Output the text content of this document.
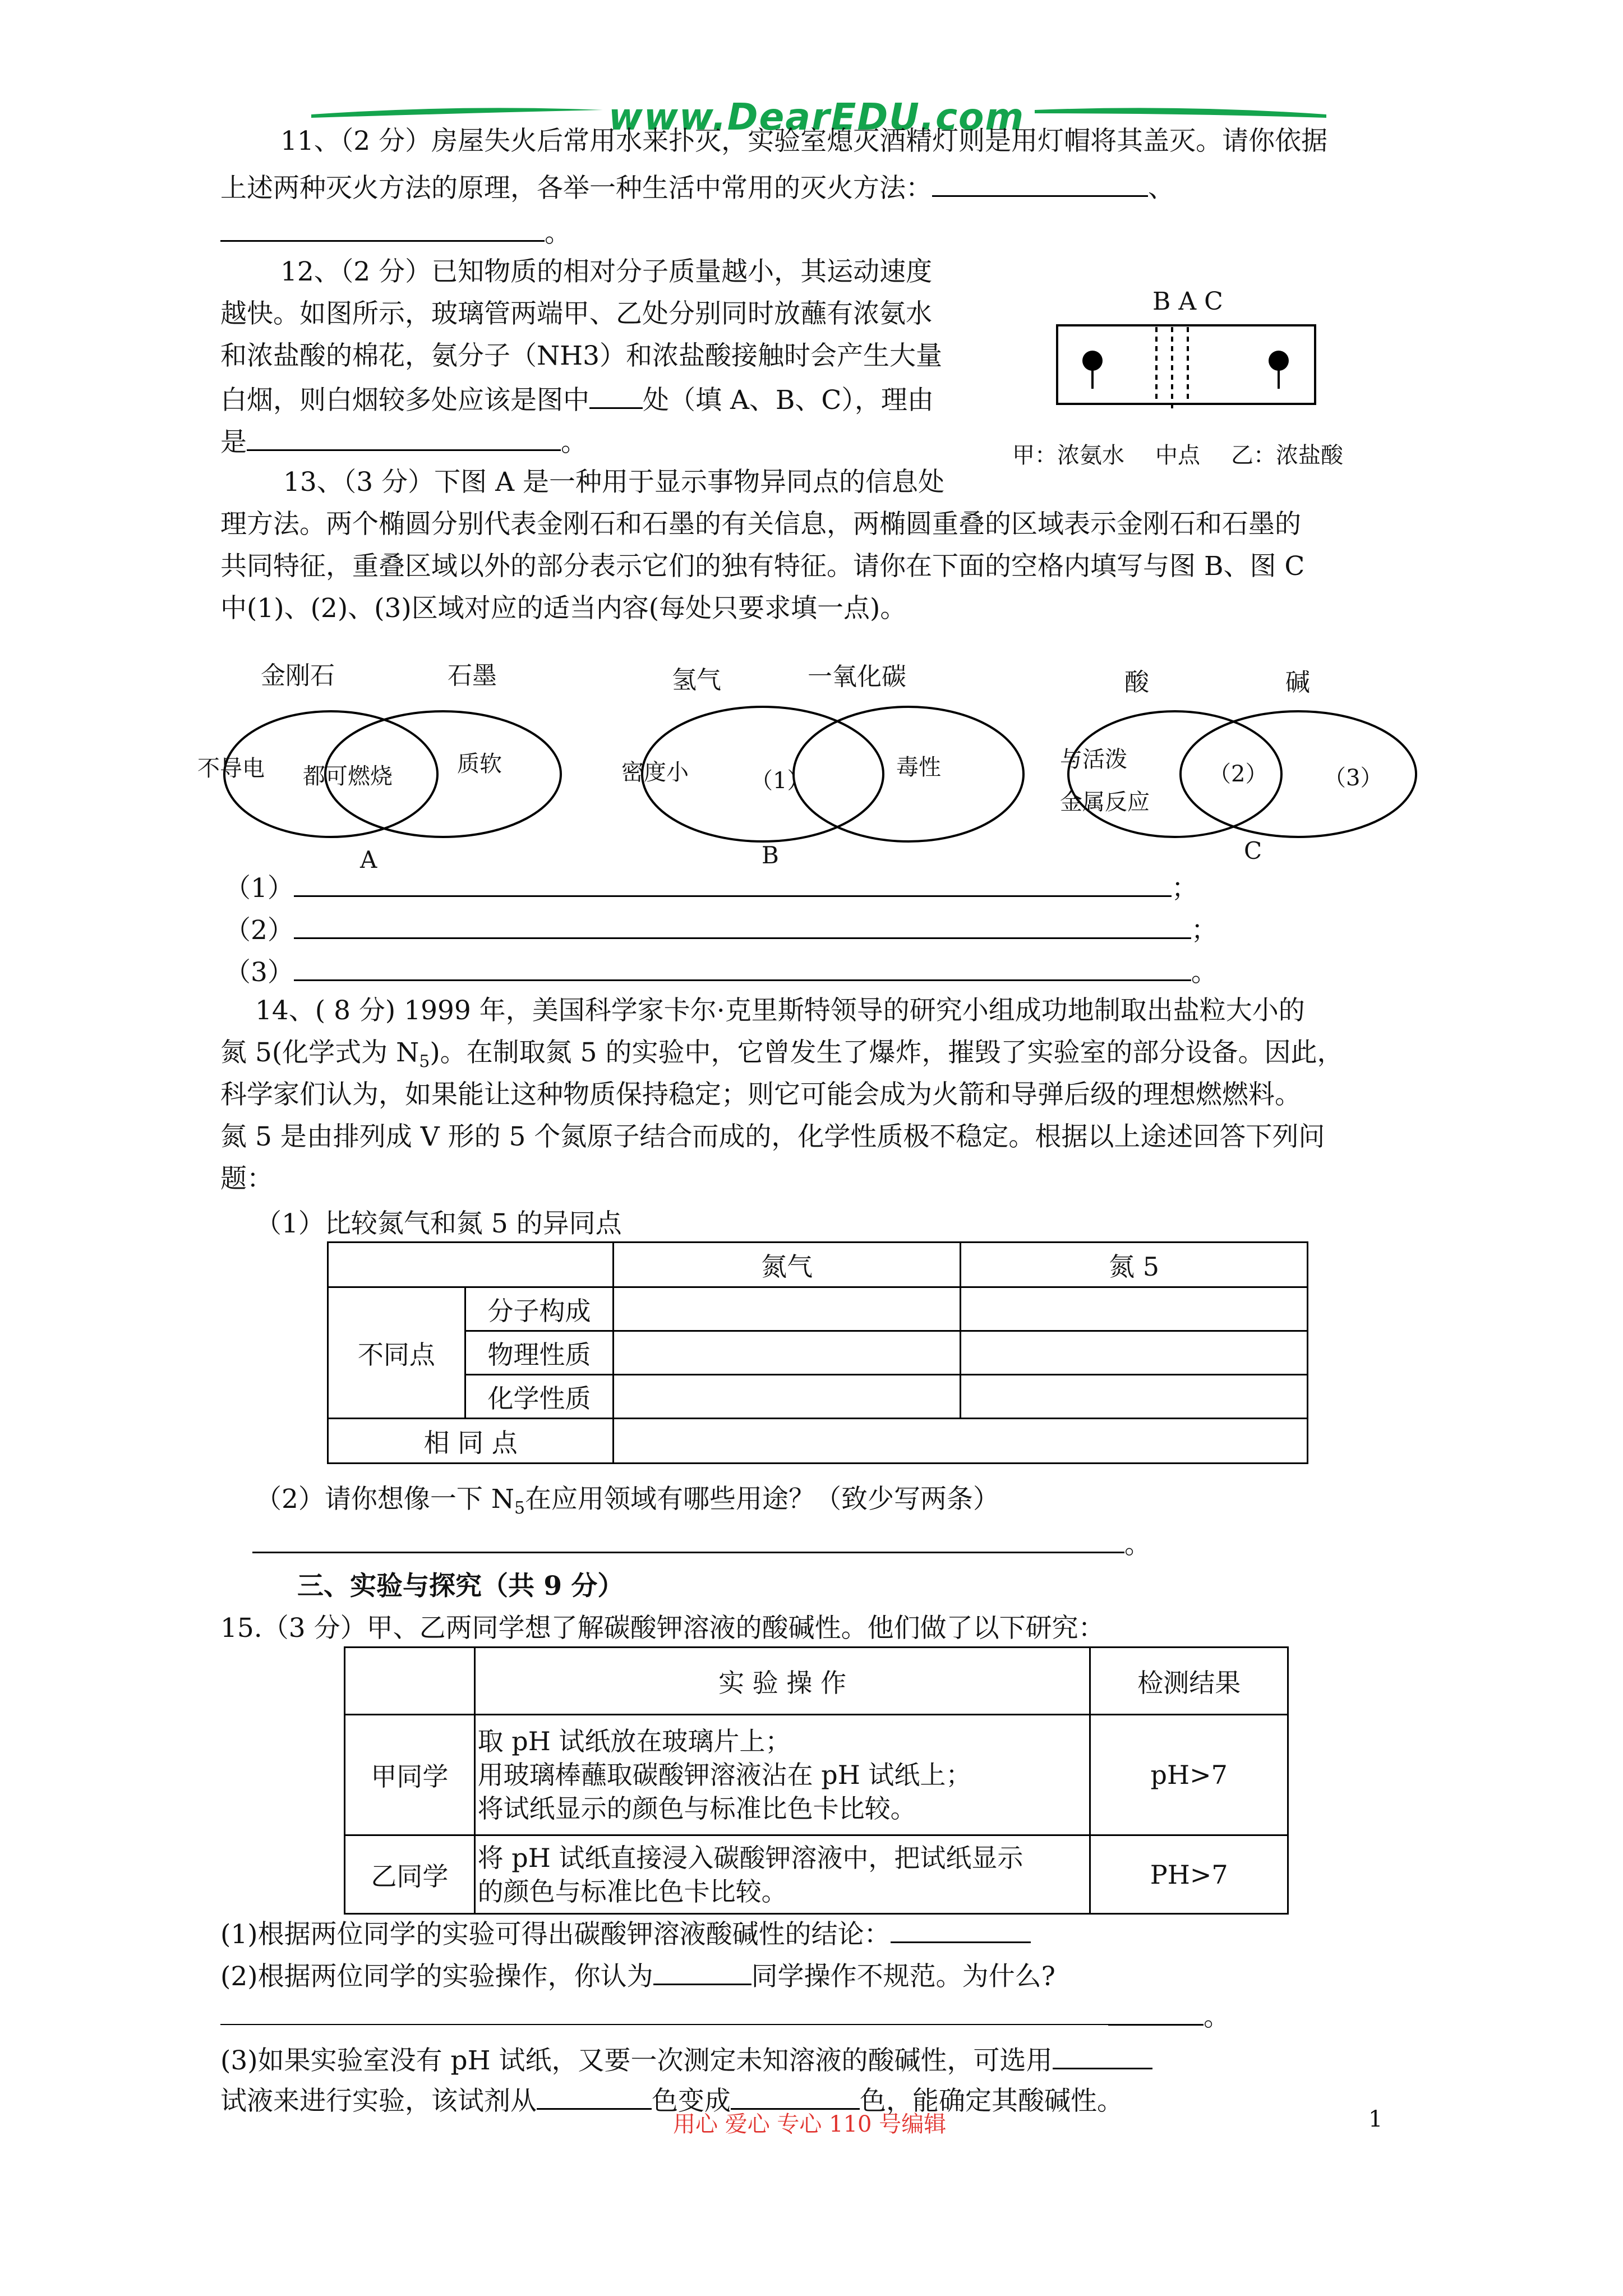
www.DearEDU.com
11、（2 分）房屋失火后常用水来扑灭，实验室熄灭酒精灯则是用灯帽将其盖灭。请你依据
上述两种灭火方法的原理，各举一种生活中常用的灭火方法：	、
。
12、（2 分）已知物质的相对分子质量越小，其运动速度
越快。如图所示，玻璃管两端甲、乙处分别同时放蘸有浓氨水
和浓盐酸的棉花，氨分子（NH3）和浓盐酸接触时会产生大量
白烟，则白烟较多处应该是图中 处（填 A、B、C），理由
是	。
B A C
甲：浓氨水 中点 乙：浓盐酸
13、（3 分）下图 A 是一种用于显示事物异同点的信息处
理方法。两个椭圆分别代表金刚石和石墨的有关信息，两椭圆重叠的区域表示金刚石和石墨的
共同特征，重叠区域以外的部分表示它们的独有特征。请你在下面的空格内填写与图 B、图 C
中(1)、(2)、(3)区域对应的适当内容(每处只要求填一点)。
金刚石	石墨
不导电 都可燃烧	质软
A
氢气	一氧化碳
密度小	（1）
毒性
B
酸	碱
与活泼
金属反应
（2） （3）
C
（1）	；
（2）	；
（3）	。
14、( 8 分) 1999 年，美国科学家卡尔·克里斯特领导的研究小组成功地制取出盐粒大小的
氮 5(化学式为 $N_5$)。在制取氮 5 的实验中，它曾发生了爆炸，摧毁了实验室的部分设备。因此，
科学家们认为，如果能让这种物质保持稳定；则它可能会成为火箭和导弹后级的理想燃燃料。
氮 5 是由排列成 V 形的 5 个氮原子结合而成的，化学性质极不稳定。根据以上途述回答下列问
题：
（1）比较氮气和氮 5 的异同点
		氮气	氮 5
不同点	分子构成		
	物理性质		
	化学性质		
相 同 点			
（2）请你想像一下 $N_5$在应用领域有哪些用途？（致少写两条）
。
三、实验与探究（共 9 分）
15.（3 分）甲、乙两同学想了解碳酸钾溶液的酸碱性。他们做了以下研究：
	实 验 操 作	检测结果
甲同学	取 pH 试纸放在玻璃片上；
用玻璃棒蘸取碳酸钾溶液沾在 pH 试纸上；
将试纸显示的颜色与标准比色卡比较。	pH>7
乙同学	将 pH 试纸直接浸入碳酸钾溶液中，把试纸显示
的颜色与标准比色卡比较。	PH>7
(1)根据两位同学的实验可得出碳酸钾溶液酸碱性的结论：
(2)根据两位同学的实验操作，你认为	同学操作不规范。为什么?
。
(3)如果实验室没有 pH 试纸，又要一次测定未知溶液的酸碱性，可选用
试液来进行实验，该试剂从	色变成	色，能确定其酸碱性。
用心 爱心 专心 110 号编辑	1
